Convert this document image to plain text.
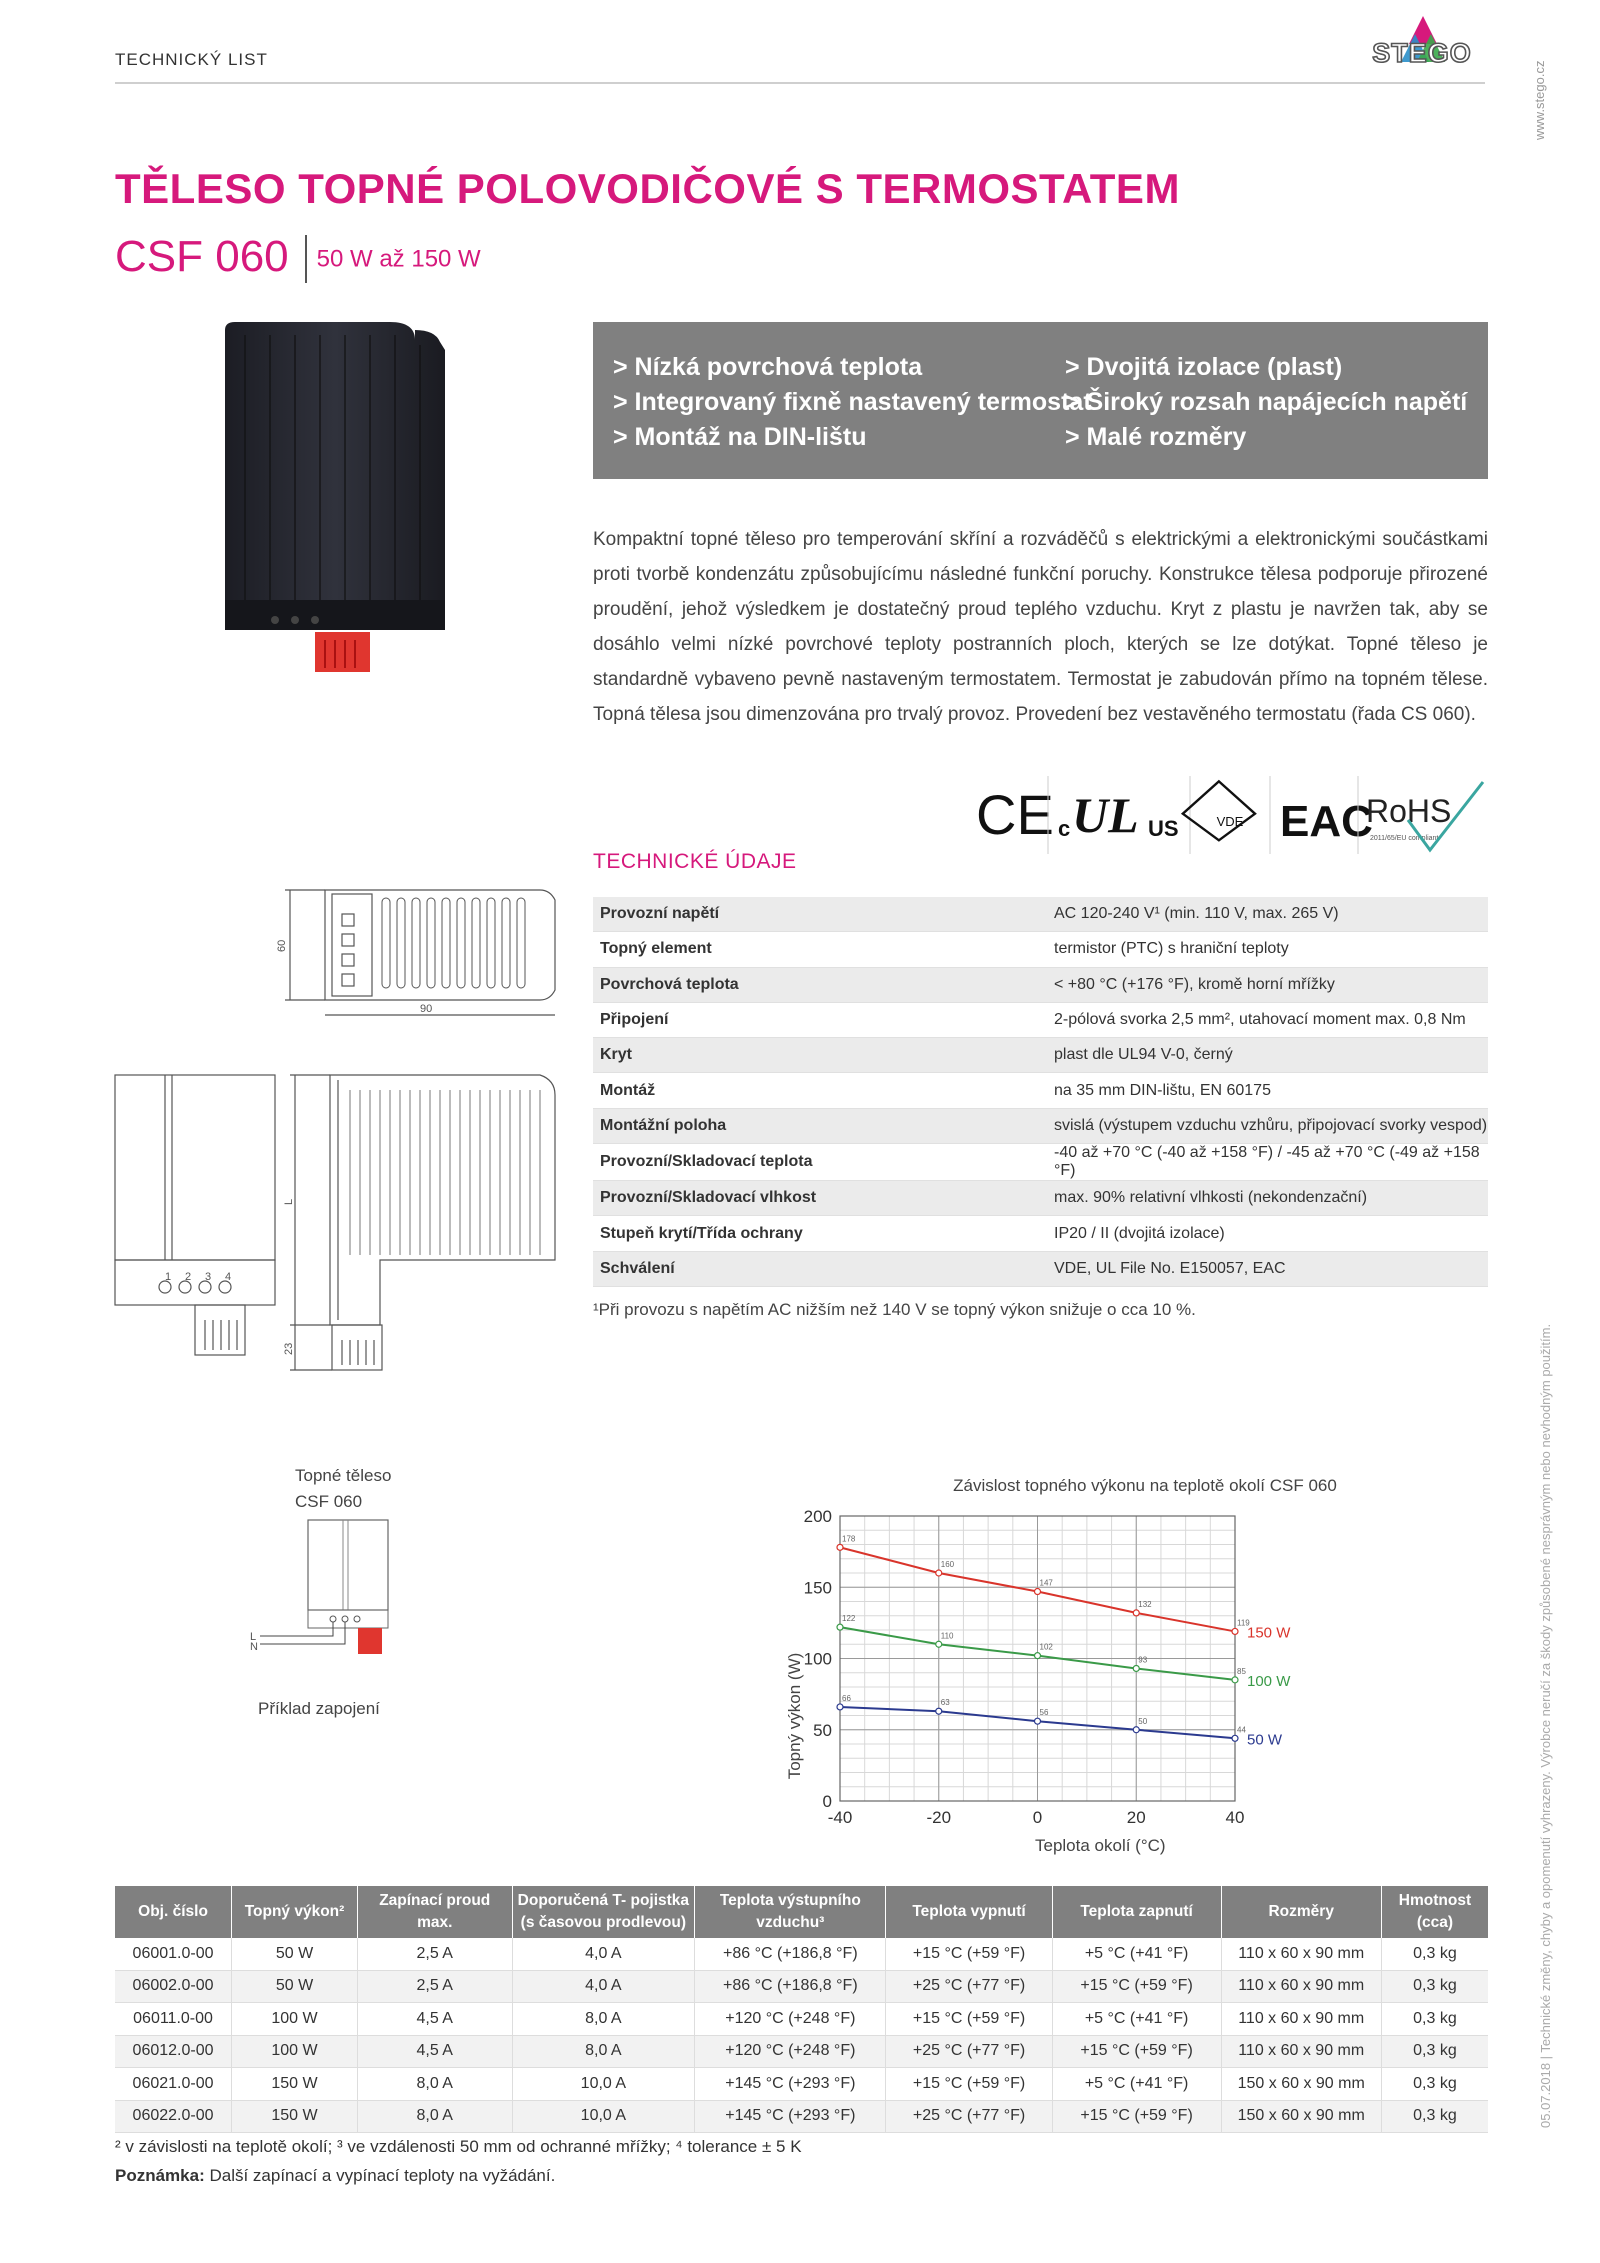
TECHNICKÝ LIST	STEGO
www.stego.cz
05.07.2018 | Technické změny, chyby a opomenutí vyhrazeny. Výrobce neručí za škody způsobené nesprávným nebo nevhodným použitím.
TĚLESO TOPNÉ POLOVODIČOVÉ S TERMOSTATEM
CSF 060 50 W až 150 W
> Nízká povrchová teplota
> Integrovaný fixně nastavený termostat
> Montáž na DIN-lištu
> Dvojitá izolace (plast)
> Široký rozsah napájecích napětí
> Malé rozměry
Kompaktní topné těleso pro temperování skříní a rozváděčů s elektrickými a elektronickými součástkami proti tvorbě kondenzátu způsobujícímu následné funkční poruchy. Konstrukce tělesa podporuje přirozené proudění, jehož výsledkem je dostatečný proud teplého vzduchu. Kryt z plastu je navržen tak, aby se dosáhlo velmi nízké povrchové teploty postranních ploch, kterých se lze dotýkat. Topné těleso je standardně vybaveno pevně nastaveným termostatem. Termostat je zabudován přímo na topném tělese. Topná tělesa jsou dimenzována pro trvalý provoz. Provedení bez vestavěného termostatu (řada CS 060).
CE c UL US	VDE EAC
RoHS
2011/65/EU compliant
TECHNICKÉ ÚDAJE
Provozní napětí	AC 120-240 V¹ (min. 110 V, max. 265 V)
Topný element	termistor (PTC) s hraniční teploty
Povrchová teplota	< +80 °C (+176 °F), kromě horní mřížky
Připojení	2-pólová svorka 2,5 mm², utahovací moment max. 0,8 Nm
Kryt	plast dle UL94 V-0, černý
Montáž	na 35 mm DIN-lištu, EN 60175
Montážní poloha	svislá (výstupem vzduchu vzhůru, připojovací svorky vespod)
Provozní/Skladovací teplota	-40 až +70 °C (-40 až +158 °F) / -45 až +70 °C (-49 až +158 °F)
Provozní/Skladovací vlhkost	max. 90% relativní vlhkosti (nekondenzační)
Stupeň krytí/Třída ochrany	IP20 / II (dvojitá izolace)
Schválení	VDE, UL File No. E150057, EAC
¹Při provozu s napětím AC nižším než 140 V se topný výkon snižuje o cca 10 %.
60
90
1 2 3 4
L
23
Topné těleso
CSF 060
L
N
Příklad zapojení
Závislost topného výkonu na teplotě okolí CSF 060
-40	-20	0	20	40
0
50
100
150
200
178
160
147
132
119
150 W
122
110
102
93
85
100 W
66	63
56
50
44
50 W
Teplota okolí (°C)
Topný výkon (W)
Obj. číslo	Topný výkon²	Zapínací proud max.	Doporučená T- pojistka (s časovou prodlevou)	Teplota výstupního vzduchu³	Teplota vypnutí	Teplota zapnutí	Rozměry	Hmotnost (cca)
06001.0-00	50 W	2,5 A	4,0 A	+86 °C (+186,8 °F)	+15 °C (+59 °F)	+5 °C (+41 °F)	110 x 60 x 90 mm	0,3 kg
06002.0-00	50 W	2,5 A	4,0 A	+86 °C (+186,8 °F)	+25 °C (+77 °F)	+15 °C (+59 °F)	110 x 60 x 90 mm	0,3 kg
06011.0-00	100 W	4,5 A	8,0 A	+120 °C (+248 °F)	+15 °C (+59 °F)	+5 °C (+41 °F)	110 x 60 x 90 mm	0,3 kg
06012.0-00	100 W	4,5 A	8,0 A	+120 °C (+248 °F)	+25 °C (+77 °F)	+15 °C (+59 °F)	110 x 60 x 90 mm	0,3 kg
06021.0-00	150 W	8,0 A	10,0 A	+145 °C (+293 °F)	+15 °C (+59 °F)	+5 °C (+41 °F)	150 x 60 x 90 mm	0,3 kg
06022.0-00	150 W	8,0 A	10,0 A	+145 °C (+293 °F)	+25 °C (+77 °F)	+15 °C (+59 °F)	150 x 60 x 90 mm	0,3 kg
² v závislosti na teplotě okolí; ³ ve vzdálenosti 50 mm od ochranné mřížky; ⁴ tolerance ± 5 K
Poznámka: Další zapínací a vypínací teploty na vyžádání.
